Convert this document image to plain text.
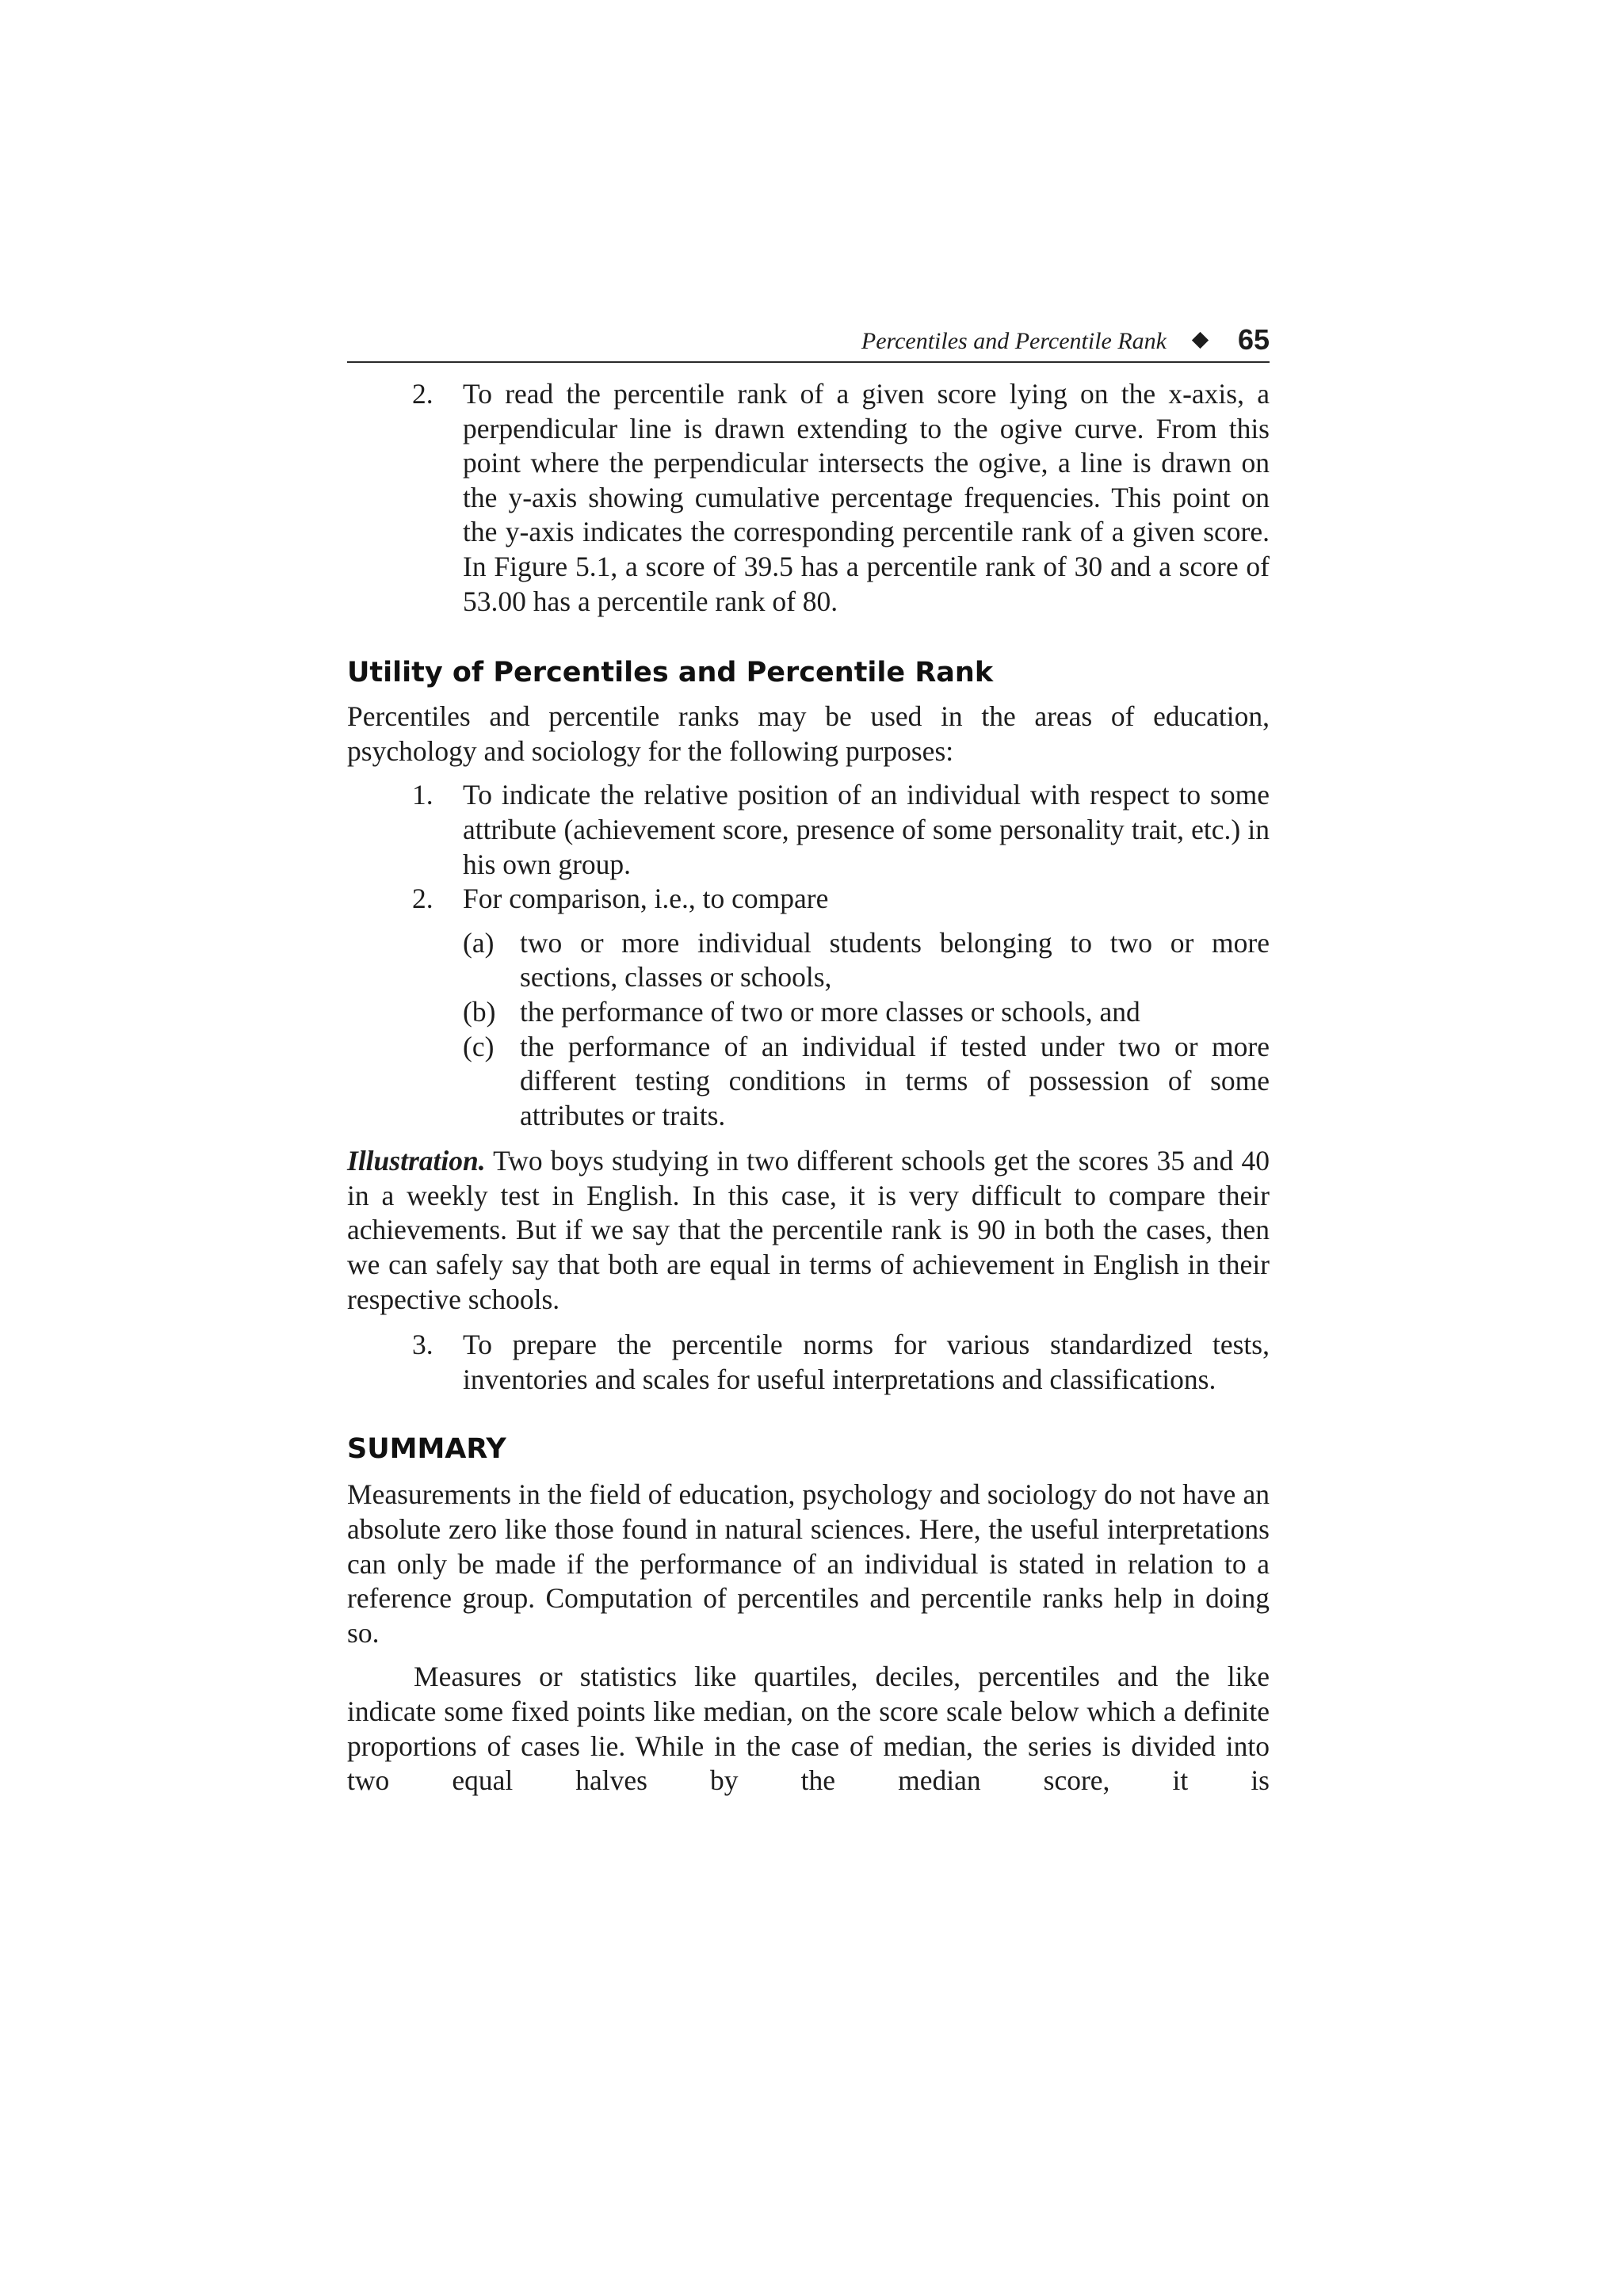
Percentiles and Percentile Rank 65
2. To read the percentile rank of a given score lying on the x-axis, a perpendicular line is drawn extending to the ogive curve. From this point where the perpendicular intersects the ogive, a line is drawn on the y-axis showing cumulative percentage frequencies. This point on the y-axis indicates the corresponding percentile rank of a given score. In Figure 5.1, a score of 39.5 has a percentile rank of 30 and a score of 53.00 has a percentile rank of 80.
Utility of Percentiles and Percentile Rank

Percentiles and percentile ranks may be used in the areas of education, psychology and sociology for the following purposes:

1. To indicate the relative position of an individual with respect to some attribute (achievement score, presence of some personality trait, etc.) in his own group.
2. For comparison, i.e., to compare
(a) two or more individual students belonging to two or more sections, classes or schools,
(b) the performance of two or more classes or schools, and
(c) the performance of an individual if tested under two or more different testing conditions in terms of possession of some attributes or traits.

Illustration. Two boys studying in two different schools get the scores 35 and 40 in a weekly test in English. In this case, it is very difficult to compare their achievements. But if we say that the percentile rank is 90 in both the cases, then we can safely say that both are equal in terms of achievement in English in their respective schools.

3. To prepare the percentile norms for various standardized tests, inventories and scales for useful interpretations and classifications.
SUMMARY

Measurements in the field of education, psychology and sociology do not have an absolute zero like those found in natural sciences. Here, the useful interpretations can only be made if the performance of an individual is stated in relation to a reference group. Computation of percentiles and percentile ranks help in doing so.

Measures or statistics like quartiles, deciles, percentiles and the like indicate some fixed points like median, on the score scale below which a definite proportions of cases lie. While in the case of median, the series is divided into two equal halves by the median score, it is
